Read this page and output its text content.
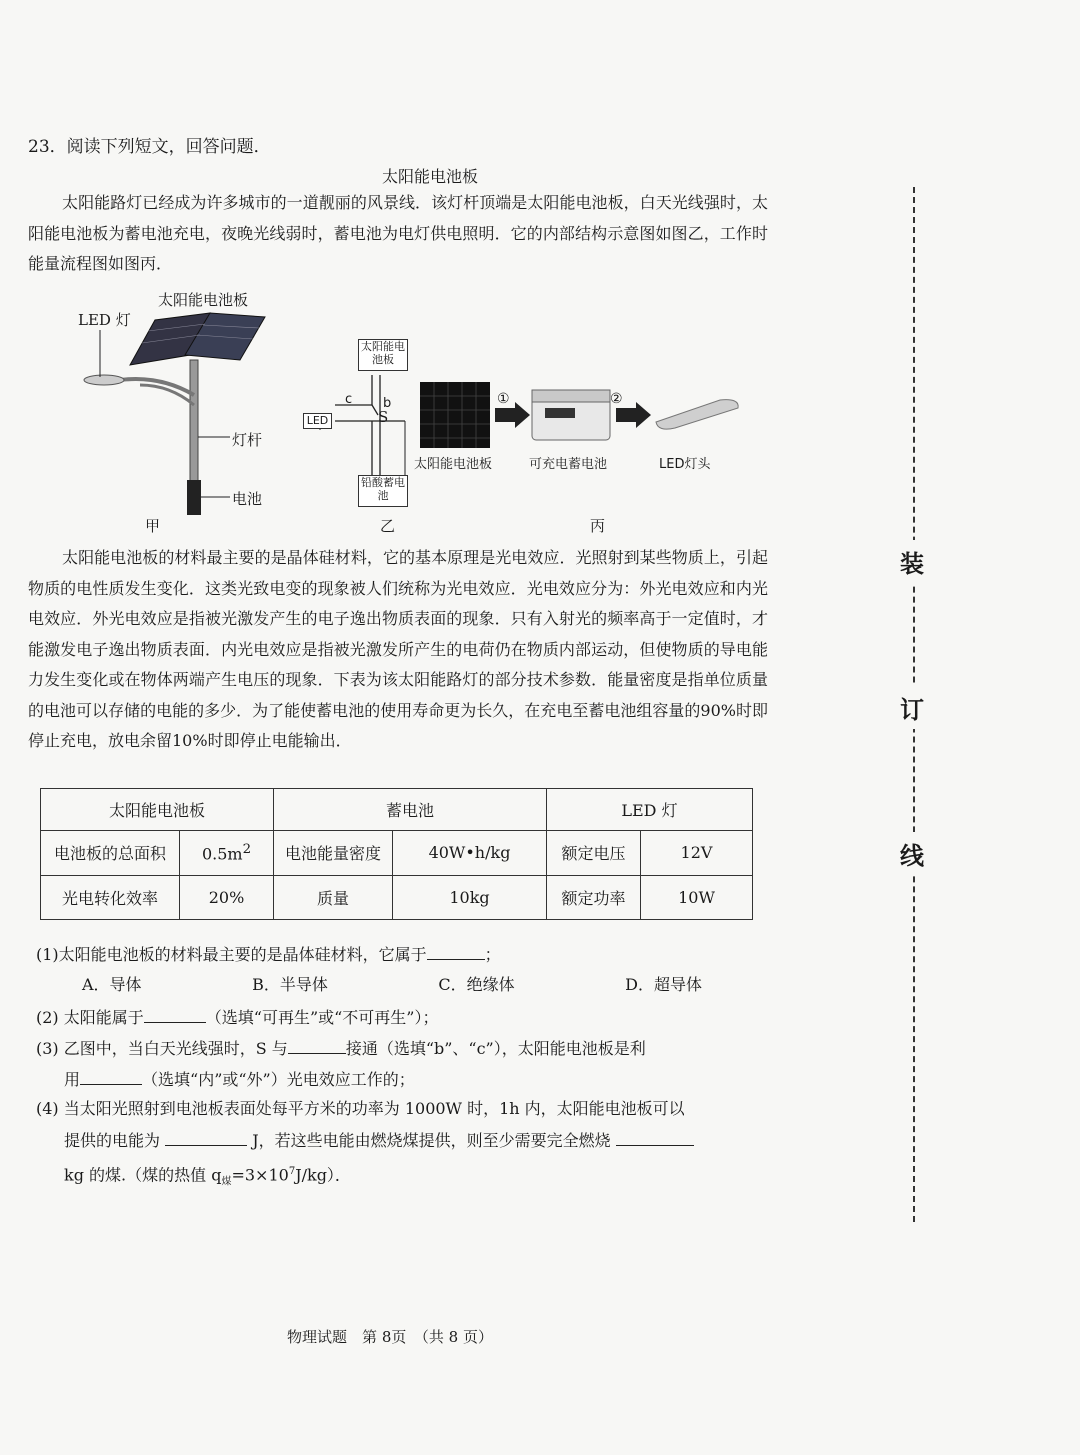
23．阅读下列短文，回答问题．
太阳能电池板
太阳能路灯已经成为许多城市的一道靓丽的风景线．该灯杆顶端是太阳能电池板，白天光线强时，太阳能电池板为蓄电池充电，夜晚光线弱时，蓄电池为电灯供电照明．它的内部结构示意图如图乙，工作时能量流程图如图丙．
太阳能电池板
LED 灯
灯杆
电池
甲
太阳能电池板
铅酸蓄电池
LED
c b
S
乙
①	②
太阳能电池板	可充电蓄电池	LED灯头
丙
太阳能电池板的材料最主要的是晶体硅材料，它的基本原理是光电效应．光照射到某些物质上，引起物质的电性质发生变化．这类光致电变的现象被人们统称为光电效应．光电效应分为：外光电效应和内光电效应．外光电效应是指被光激发产生的电子逸出物质表面的现象．只有入射光的频率高于一定值时，才能激发电子逸出物质表面．内光电效应是指被光激发所产生的电荷仍在物质内部运动，但使物质的导电能力发生变化或在物体两端产生电压的现象．下表为该太阳能路灯的部分技术参数．能量密度是指单位质量的电池可以存储的电能的多少．为了能使蓄电池的使用寿命更为长久，在充电至蓄电池组容量的90%时即停止充电，放电余留10%时即停止电能输出．
太阳能电池板		蓄电池		LED 灯	
电池板的总面积	$0.5m^2$	电池能量密度	40W•h/kg	额定电压	12V
光电转化效率	20%	质量	10kg	额定功率	10W
(1)太阳能电池板的材料最主要的是晶体硅材料，它属于	；
A．导体	B．半导体	C．绝缘体	D．超导体
(2) 太阳能属于	（选填“可再生”或“不可再生”）；
(3) 乙图中，当白天光线强时，S 与	接通（选填“b”、“c”），太阳能电池板是利
用	（选填“内”或“外”）光电效应工作的；
(4) 当太阳光照射到电池板表面处每平方米的功率为 1000W 时，1h 内，太阳能电池板可以
提供的电能为	J，若这些电能由燃烧煤提供，则至少需要完全燃烧
kg 的煤.（煤的热值 $q_煤=3\times 10^7J/kg$）．
装
订
线
物理试题　第 8页　（共 8 页）
